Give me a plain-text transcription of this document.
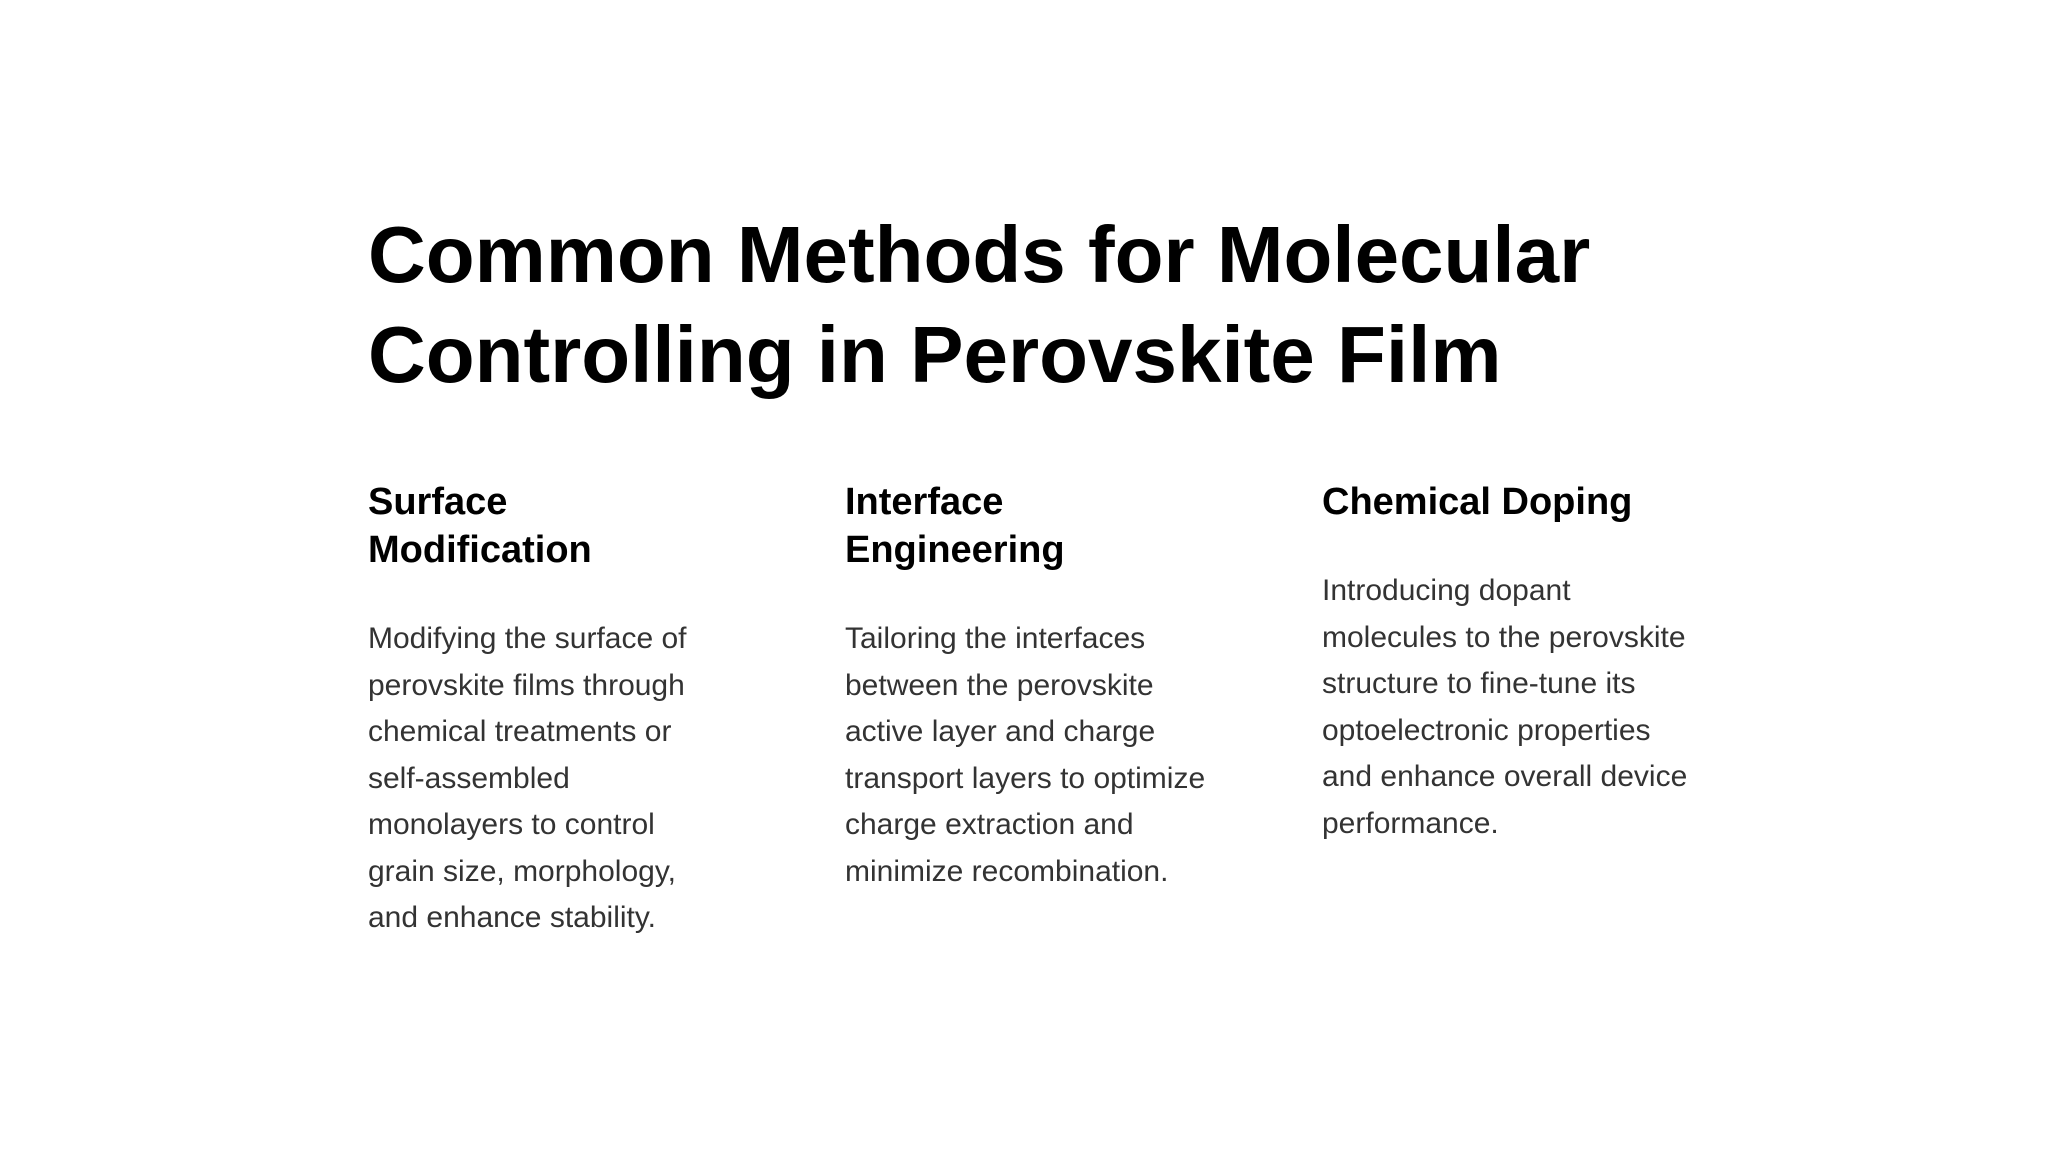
Common Methods for Molecular Controlling in Perovskite Film
Surface Modification

Modifying the surface of perovskite films through chemical treatments or self-assembled monolayers to control grain size, morphology, and enhance stability.

Interface Engineering

Tailoring the interfaces between the perovskite active layer and charge transport layers to optimize charge extraction and minimize recombination.

Chemical Doping

Introducing dopant molecules to the perovskite structure to fine-tune its optoelectronic properties and enhance overall device performance.
